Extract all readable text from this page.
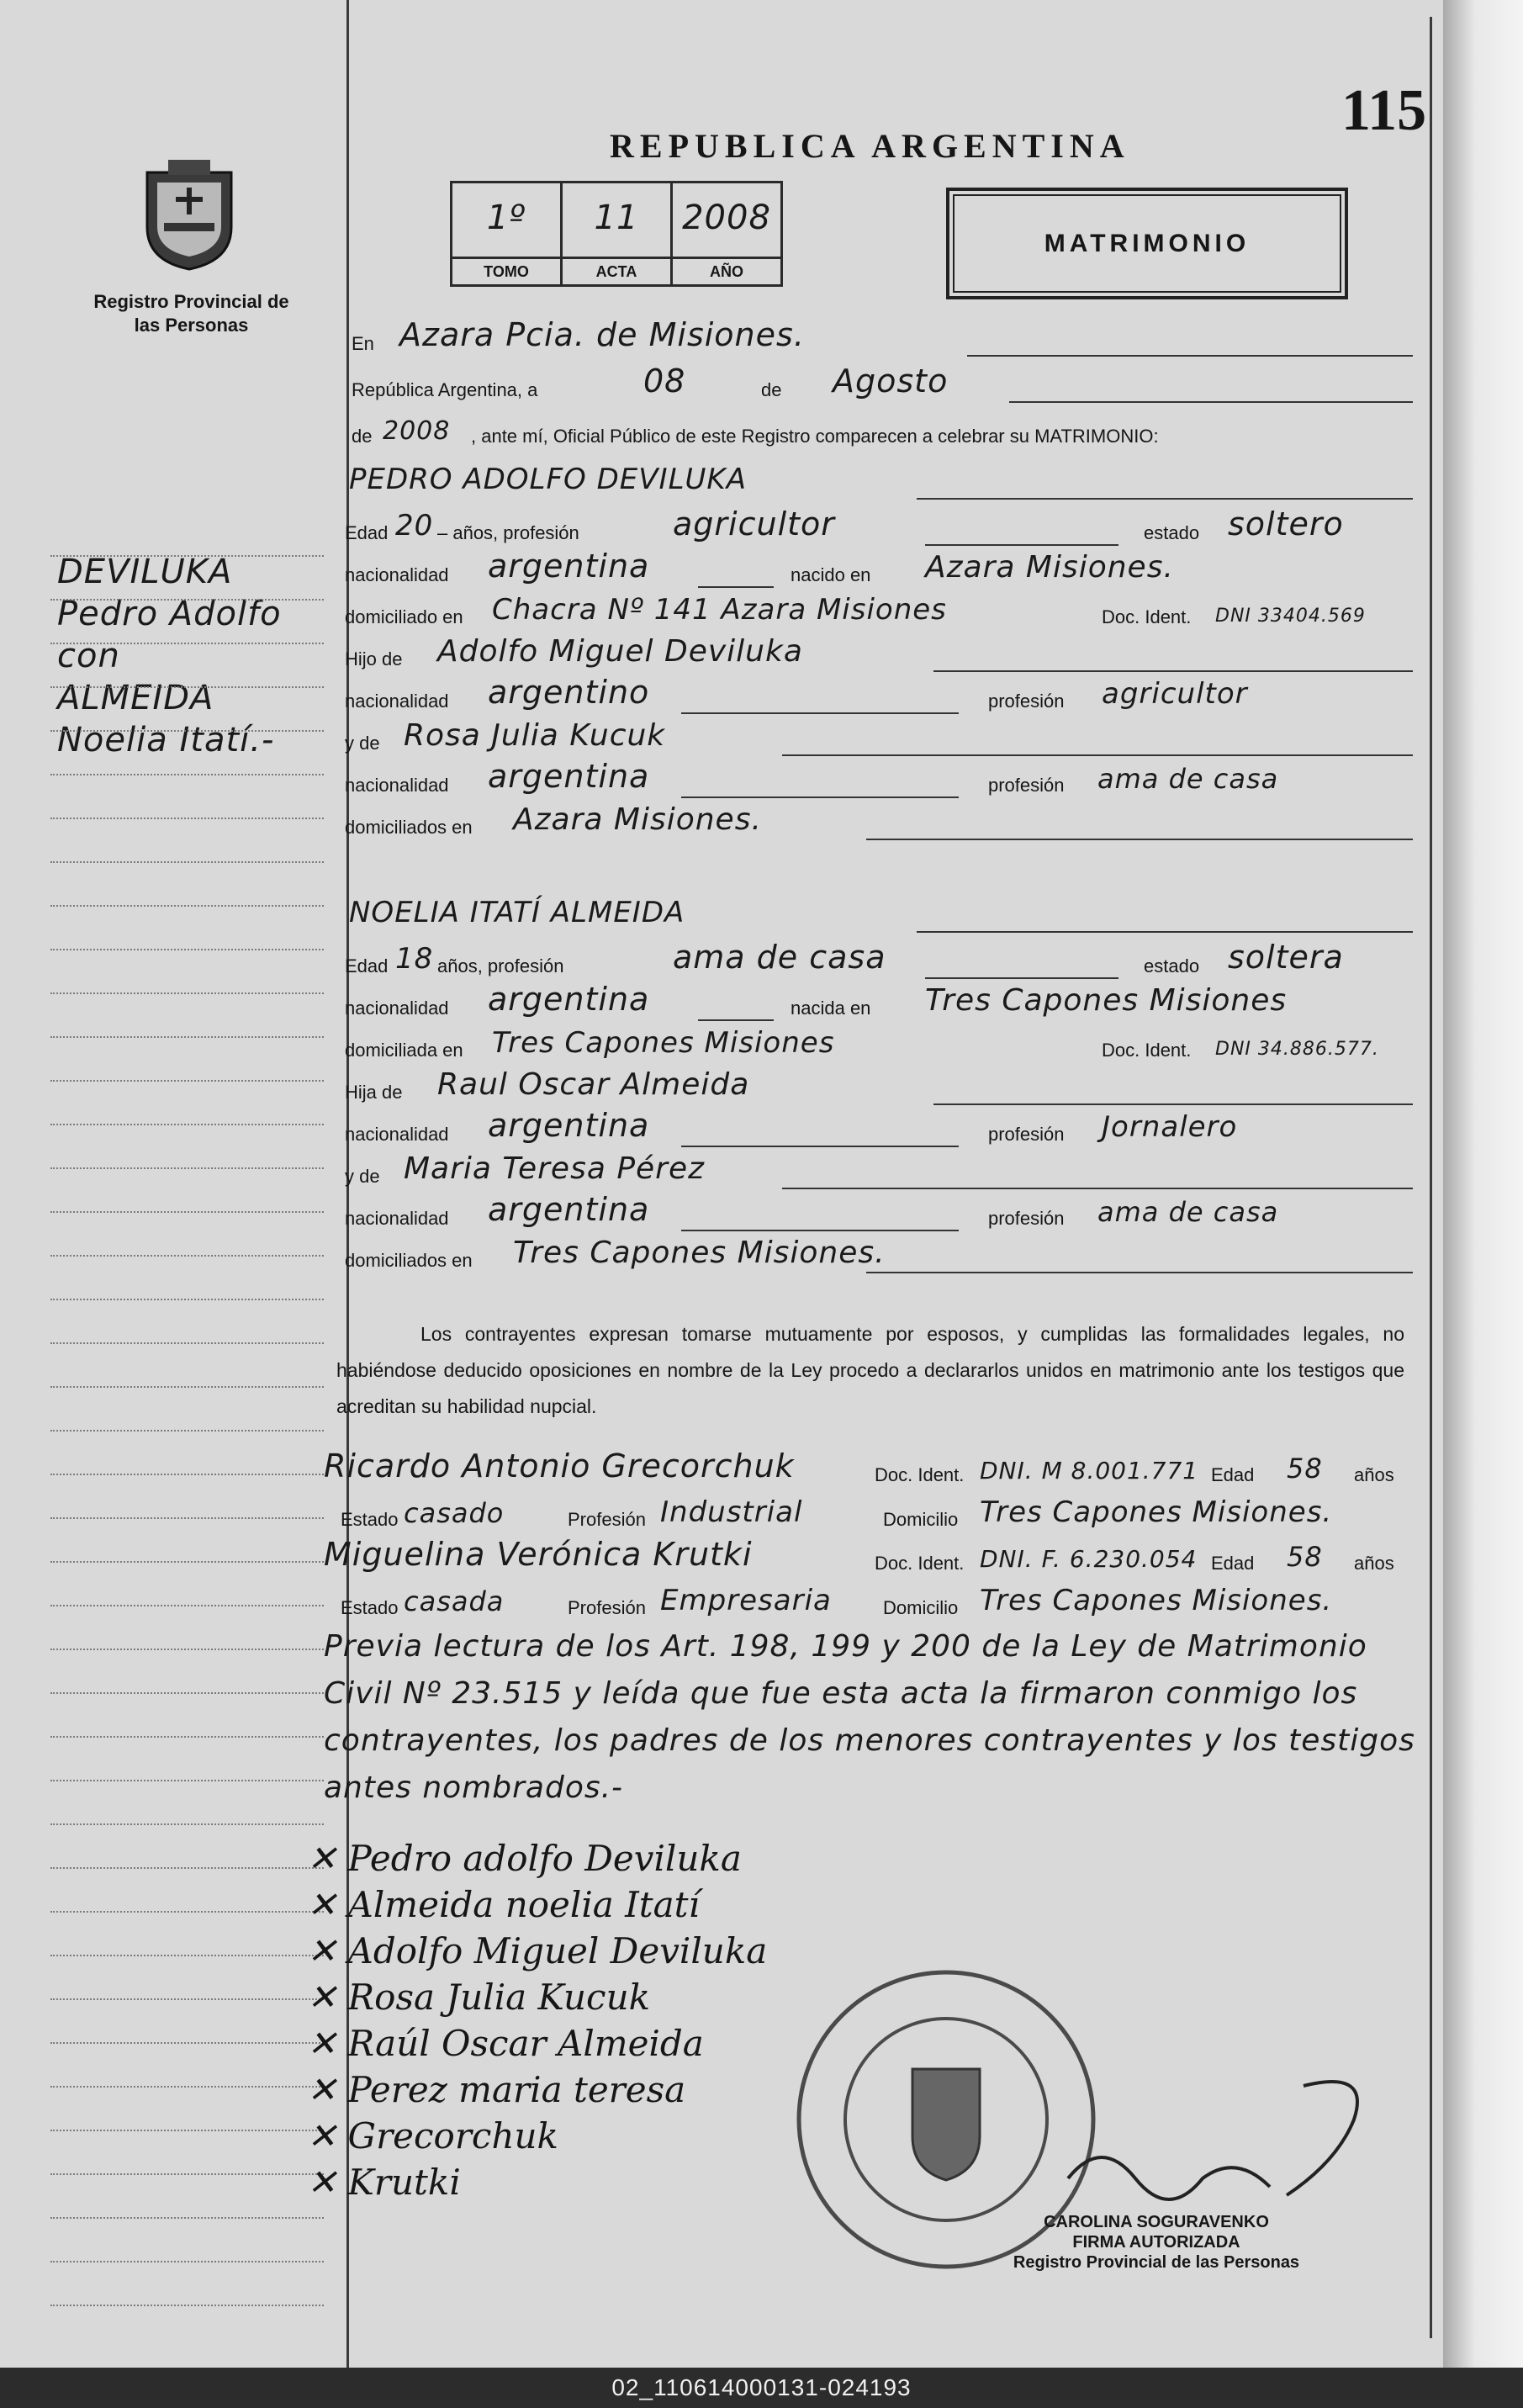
Registro Provincial de las Personas
DEVILUKA
Pedro Adolfo
con
ALMEIDA
Noelia Itatí.-
115
REPUBLICA ARGENTINA
1º
TOMO
11
ACTA
2008
AÑO
MATRIMONIO
En Azara Pcia. de Misiones.
República Argentina, a	08	de Agosto
de 2008 , ante mí, Oficial Público de este Registro comparecen a celebrar su MATRIMONIO:
PEDRO ADOLFO DEVILUKA
Edad 20 – años, profesión	agricultor	estado soltero
nacionalidad argentina	nacido en Azara Misiones.
domiciliado en Chacra Nº 141 Azara Misiones	Doc. Ident. DNI 33404.569
Hijo de Adolfo Miguel Deviluka
nacionalidad argentino	profesión agricultor
y de Rosa Julia Kucuk
nacionalidad argentina	profesión ama de casa
domiciliados en Azara Misiones.
NOELIA ITATÍ ALMEIDA
Edad 18 años, profesión	ama de casa	estado soltera
nacionalidad argentina	nacida en Tres Capones Misiones
domiciliada en Tres Capones Misiones	Doc. Ident. DNI 34.886.577.
Hija de Raul Oscar Almeida
nacionalidad argentina	profesión Jornalero
y de Maria Teresa Pérez
nacionalidad argentina	profesión ama de casa
domiciliados en Tres Capones Misiones.
Los contrayentes expresan tomarse mutuamente por esposos, y cumplidas las formalidades legales, no habiéndose deducido oposiciones en nombre de la Ley procedo a declararlos unidos en matrimonio ante los testigos que acreditan su habilidad nupcial.
Ricardo Antonio Grecorchuk	Doc. Ident. DNI. M 8.001.771 Edad 58 años
Estado casado	Profesión Industrial	Domicilio Tres Capones Misiones.
Miguelina Verónica Krutki	Doc. Ident. DNI. F. 6.230.054 Edad 58 años
Estado casada	Profesión Empresaria	Domicilio Tres Capones Misiones.
Previa lectura de los Art. 198, 199 y 200 de la Ley de Matrimonio Civil Nº 23.515 y leída que fue esta acta la firmaron conmigo los contrayentes, los padres de los menores contrayentes y los testigos antes nombrados.-
✕ Pedro adolfo Deviluka
✕ Almeida noelia Itatí
✕ Adolfo Miguel Deviluka
✕ Rosa Julia Kucuk
✕ Raúl Oscar Almeida
✕ Perez maria teresa
✕ Grecorchuk
✕ Krutki
CAROLINA SOGURAVENKO
FIRMA AUTORIZADA
Registro Provincial de las Personas
02_110614000131-024193
